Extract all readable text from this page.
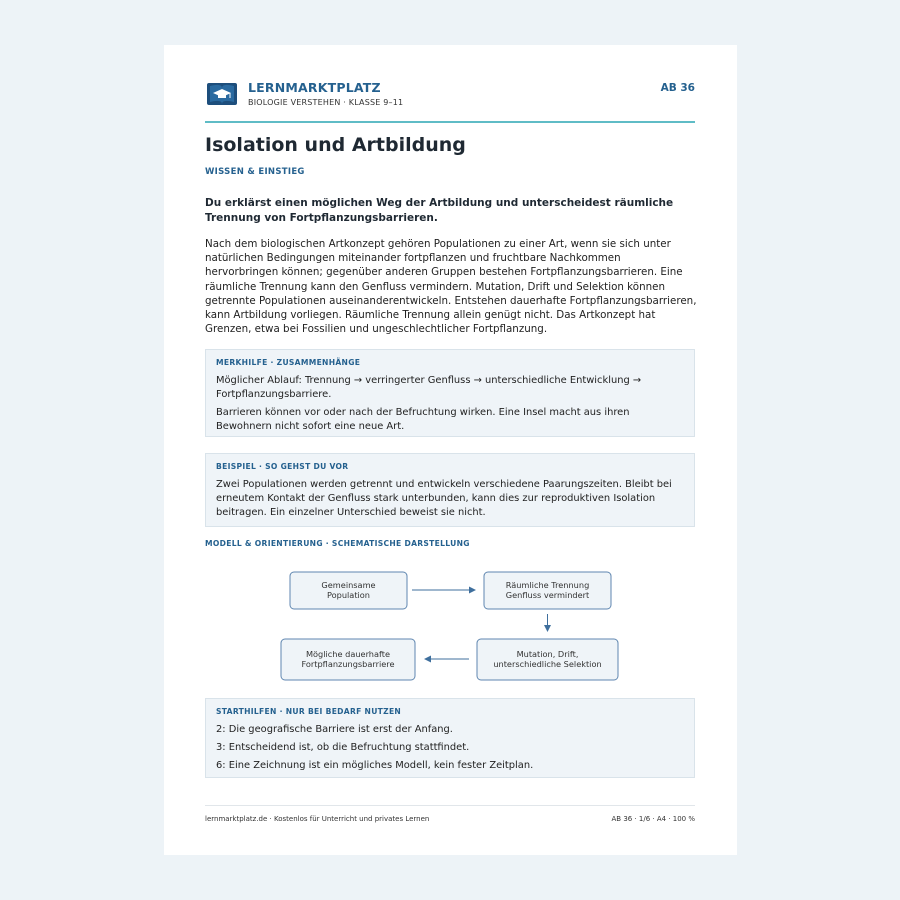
LERNMARKTPLATZ
BIOLOGIE VERSTEHEN · KLASSE 9–11
AB 36
Isolation und Artbildung
WISSEN & EINSTIEG
Du erklärst einen möglichen Weg der Artbildung und unterscheidest räumliche Trennung von Fortpflanzungsbarrieren.
Nach dem biologischen Artkonzept gehören Populationen zu einer Art, wenn sie sich unter natürlichen Bedingungen miteinander fortpflanzen und fruchtbare Nachkommen hervorbringen können; gegenüber anderen Gruppen bestehen Fortpflanzungsbarrieren. Eine räumliche Trennung kann den Genfluss vermindern. Mutation, Drift und Selektion können getrennte Populationen auseinanderentwickeln. Entstehen dauerhafte Fortpflanzungsbarrieren, kann Artbildung vorliegen. Räumliche Trennung allein genügt nicht. Das Artkonzept hat Grenzen, etwa bei Fossilien und ungeschlechtlicher Fortpflanzung.
MERKHILFE · ZUSAMMENHÄNGE

Möglicher Ablauf: Trennung → verringerter Genfluss → unterschiedliche Entwicklung → Fortpflanzungsbarriere.

Barrieren können vor oder nach der Befruchtung wirken. Eine Insel macht aus ihren Bewohnern nicht sofort eine neue Art.

BEISPIEL · SO GEHST DU VOR

Zwei Populationen werden getrennt und entwickeln verschiedene Paarungszeiten. Bleibt bei erneutem Kontakt der Genfluss stark unterbunden, kann dies zur reproduktiven Isolation beitragen. Ein einzelner Unterschied beweist sie nicht.

MODELL & ORIENTIERUNG · SCHEMATISCHE DARSTELLUNG
Gemeinsame
Population
Räumliche Trennung
Genfluss vermindert
Mutation, Drift,
unterschiedliche Selektion
Mögliche dauerhafte
Fortpflanzungsbarriere
STARTHILFEN · NUR BEI BEDARF NUTZEN

2: Die geografische Barriere ist erst der Anfang.

3: Entscheidend ist, ob die Befruchtung stattfindet.

6: Eine Zeichnung ist ein mögliches Modell, kein fester Zeitplan.

lernmarktplatz.de · Kostenlos für Unterricht und privates Lernen	AB 36 · 1/6 · A4 · 100 %
